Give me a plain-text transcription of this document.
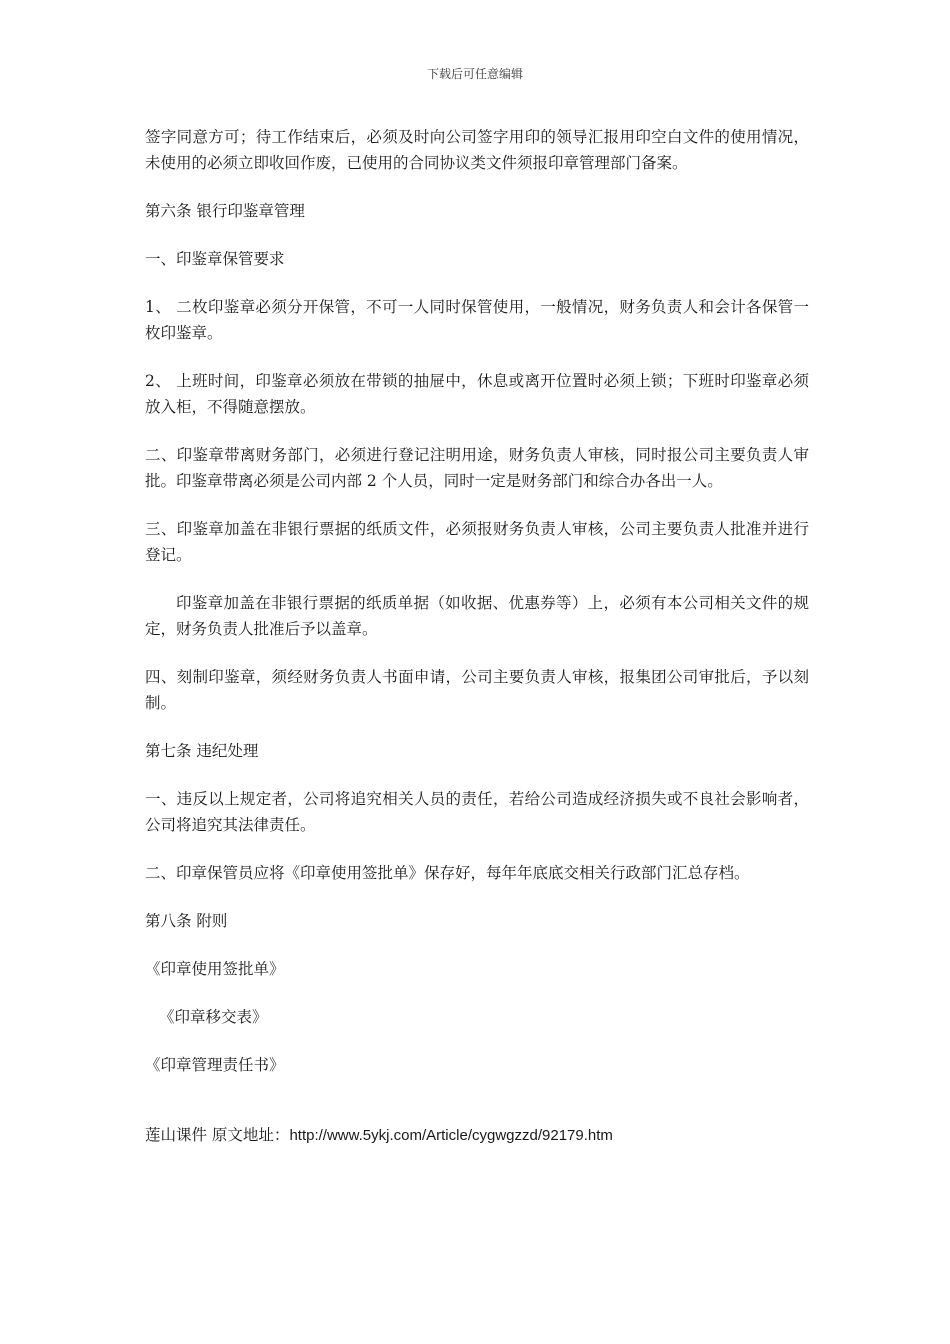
下载后可任意编辑

签字同意方可；待工作结束后，必须及时向公司签字用印的领导汇报用印空白文件的使用情况，未使用的必须立即收回作废，已使用的合同协议类文件须报印章管理部门备案。

第六条 银行印鉴章管理

一、印鉴章保管要求

1、 二枚印鉴章必须分开保管，不可一人同时保管使用，一般情况，财务负责人和会计各保管一枚印鉴章。

2、 上班时间，印鉴章必须放在带锁的抽屉中，休息或离开位置时必须上锁；下班时印鉴章必须放入柜，不得随意摆放。

二、印鉴章带离财务部门，必须进行登记注明用途，财务负责人审核，同时报公司主要负责人审批。印鉴章带离必须是公司内部 2 个人员，同时一定是财务部门和综合办各出一人。

三、印鉴章加盖在非银行票据的纸质文件，必须报财务负责人审核，公司主要负责人批准并进行登记。

印鉴章加盖在非银行票据的纸质单据（如收据、优惠券等）上，必须有本公司相关文件的规定，财务负责人批准后予以盖章。

四、刻制印鉴章，须经财务负责人书面申请，公司主要负责人审核，报集团公司审批后，予以刻制。

第七条 违纪处理

一、违反以上规定者，公司将追究相关人员的责任，若给公司造成经济损失或不良社会影响者，公司将追究其法律责任。

二、印章保管员应将《印章使用签批单》保存好，每年年底底交相关行政部门汇总存档。

第八条 附则

《印章使用签批单》

《印章移交表》

《印章管理责任书》

莲山课件 原文地址：http://www.5ykj.com/Article/cygwgzzd/92179.htm
